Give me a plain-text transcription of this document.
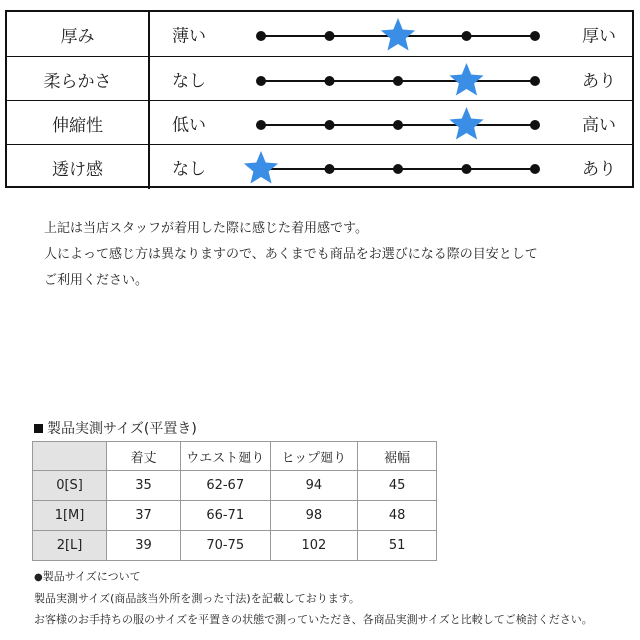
厚み	薄い	厚い
柔らかさ	なし	あり
伸縮性	低い	高い
透け感	なし	あり

上記は当店スタッフが着用した際に感じた着用感です。

人によって感じ方は異なりますので、あくまでも商品をお選びになる際の目安として

ご利用ください。

製品実測サイズ(平置き)
	着丈	ウエスト廻り	ヒップ廻り	裾幅
0[S]	35	62-67	94	45
1[M]	37	66-71	98	48
2[L]	39	70-75	102	51

●製品サイズについて

製品実測サイズ(商品該当外所を測った寸法)を記載しております。

お客様のお手持ちの服のサイズを平置きの状態で測っていただき、各商品実測サイズと比較してご検討ください。
